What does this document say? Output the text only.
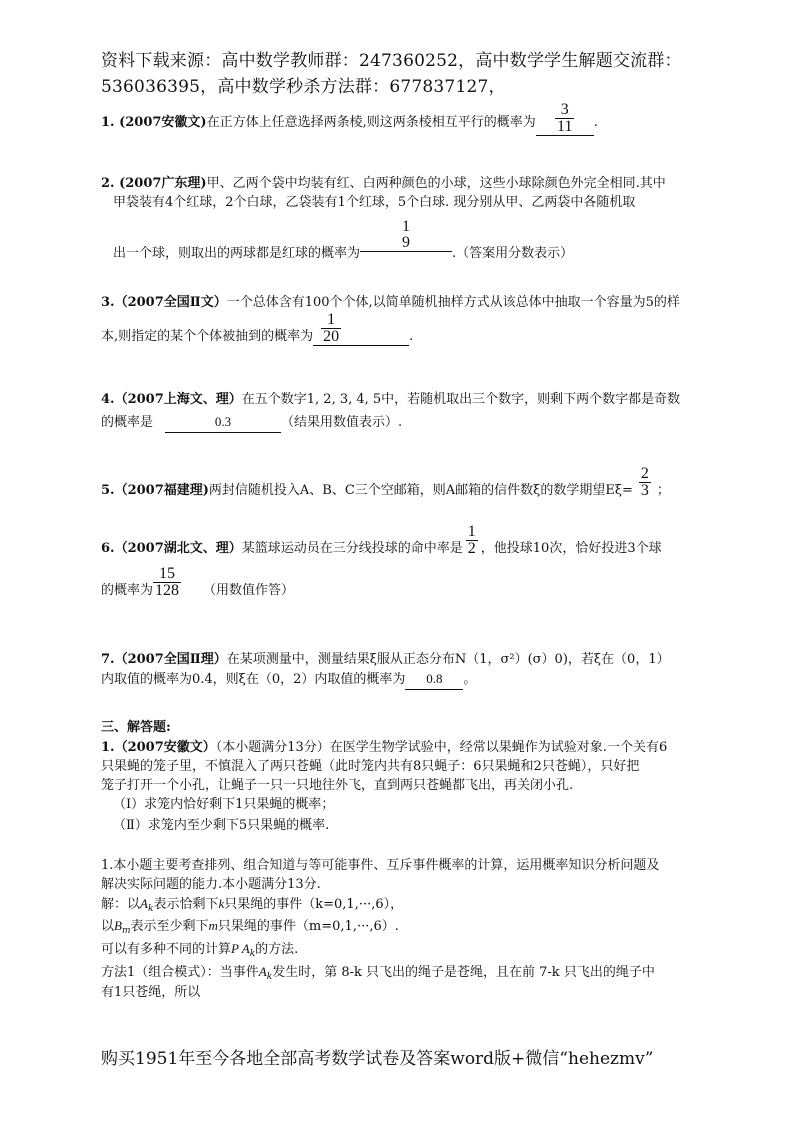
资料下载来源：高中数学教师群：247360252，高中数学学生解题交流群：
536036395，高中数学秒杀方法群：677837127，
1. (2007安徽文)在正方体上任意选择两条棱,则这两条棱相互平行的概率为 $\frac{3}{11}$ .
2. (2007广东理)甲、乙两个袋中均装有红、白两种颜色的小球，这些小球除颜色外完全相同.其中
甲袋装有4个红球，2个白球，乙袋装有1个红球，5个白球. 现分别从甲、乙两袋中各随机取
出一个球，则取出的两球都是红球的概率为
1
9
.（答案用分数表示）
3.（2007全国Ⅱ文）一个总体含有100个个体,以简单随机抽样方式从该总体中抽取一个容量为5的样
本,则指定的某个个体被抽到的概率为 $\frac{1}{20}$	.
4.（2007上海文、理）在五个数字1, 2, 3, 4, 5中，若随机取出三个数字，则剩下两个数字都是奇数
的概率是	0.3	（结果用数值表示）.
5.（2007福建理)两封信随机投入A、B、C三个空邮箱，则A邮箱的信件数ξ的数学期望$E\xi= \frac{2}{3}$ ；
6.（2007湖北文、理）某篮球运动员在三分线投球的命中率是 $\frac{1}{2}$ ，他投球10次，恰好投进3个球
的概率为 $\frac{15}{128}$ （用数值作答）
7.（2007全国Ⅱ理）在某项测量中，测量结果ξ服从正态分布N（1，σ²）(σ）0)，若ξ在（0，1）
内取值的概率为0.4，则ξ在（0，2）内取值的概率为 0.8 。
三、解答题:
1.（2007安徽文）（本小题满分13分）在医学生物学试验中，经常以果蝇作为试验对象.一个关有6
只果蝇的笼子里，不慎混入了两只苍蝇（此时笼内共有8只蝇子：6只果蝇和2只苍蝇），只好把
笼子打开一个小孔，让蝇子一只一只地往外飞，直到两只苍蝇都飞出，再关闭小孔.
（Ⅰ）求笼内恰好剩下1只果蝇的概率；
（Ⅱ）求笼内至少剩下5只果蝇的概率.
1.本小题主要考查排列、组合知道与等可能事件、互斥事件概率的计算，运用概率知识分析问题及
解决实际问题的能力.本小题满分13分.
解：以$A_k$表示恰剩下k只果绳的事件（k=0,1,···,6），
以$B_m$表示至少剩下m只果绳的事件（m=0,1,···,6）.
可以有多种不同的计算P $A_k$的方法.
方法1（组合模式）：当事件$A_k$发生时，第 8-k 只飞出的绳子是苍绳，且在前 7-k 只飞出的绳子中
有1只苍绳，所以
购买1951年至今各地全部高考数学试卷及答案word版+微信“hehezmv”
